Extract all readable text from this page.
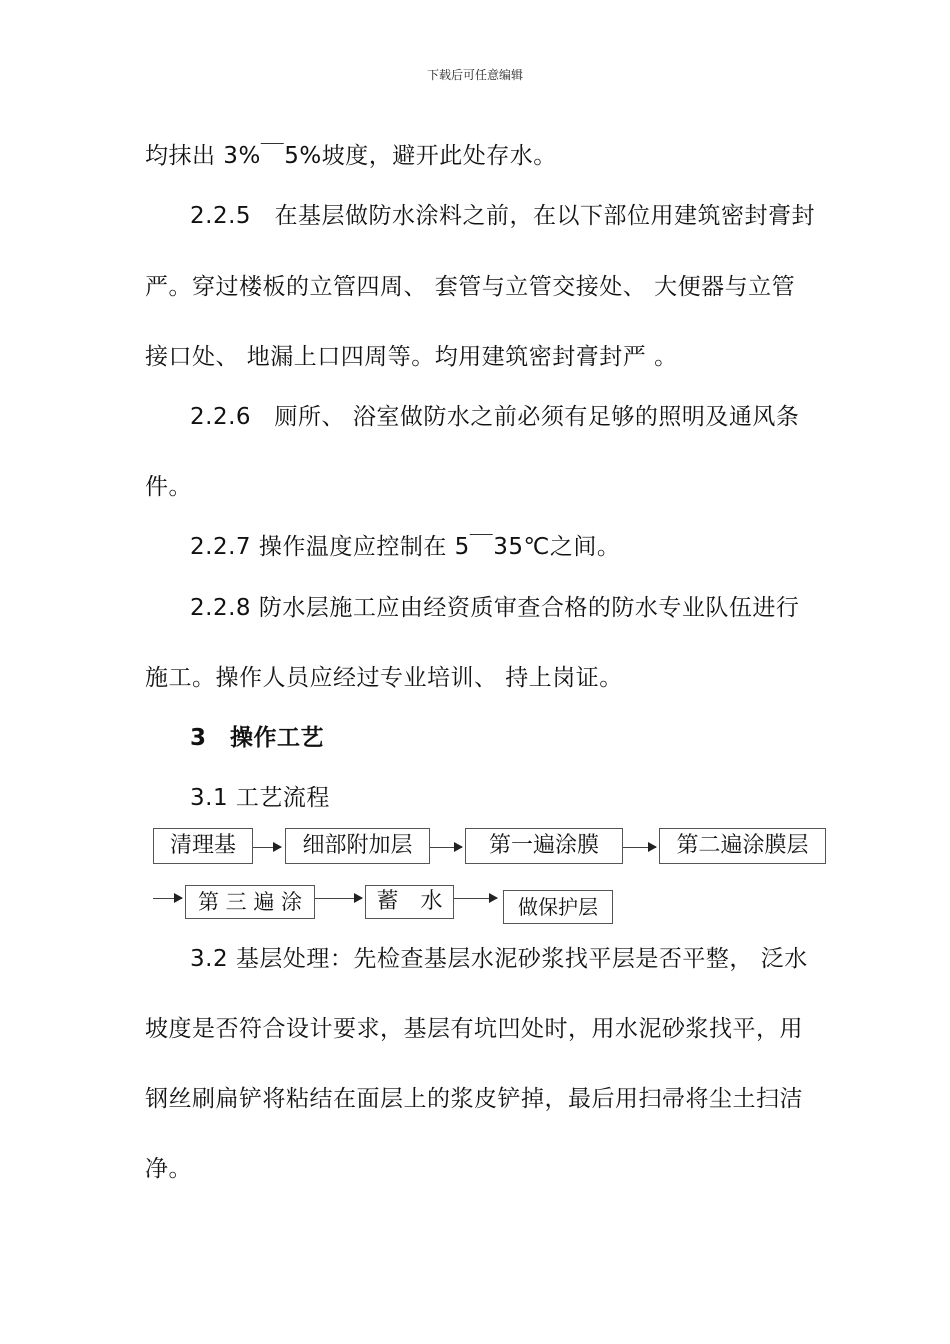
下载后可任意编辑
均抹出 3%￣5%坡度，避开此处存水。
2.2.5　在基层做防水涂料之前，在以下部位用建筑密封膏封
严。穿过楼板的立管四周、 套管与立管交接处、 大便器与立管
接口处、 地漏上口四周等。均用建筑密封膏封严 。
2.2.6　厕所、 浴室做防水之前必须有足够的照明及通风条
件。
2.2.7 操作温度应控制在 5￣35℃之间。
2.2.8 防水层施工应由经资质审查合格的防水专业队伍进行
施工。操作人员应经过专业培训、 持上岗证。
3　操作工艺
3.1 工艺流程
清理基	细部附加层	第一遍涂膜	第二遍涂膜层
第 三 遍 涂	蓄　水	做保护层
3.2 基层处理：先检查基层水泥砂浆找平层是否平整， 泛水
坡度是否符合设计要求，基层有坑凹处时，用水泥砂浆找平，用
钢丝刷扁铲将粘结在面层上的浆皮铲掉，最后用扫帚将尘土扫洁
净。
